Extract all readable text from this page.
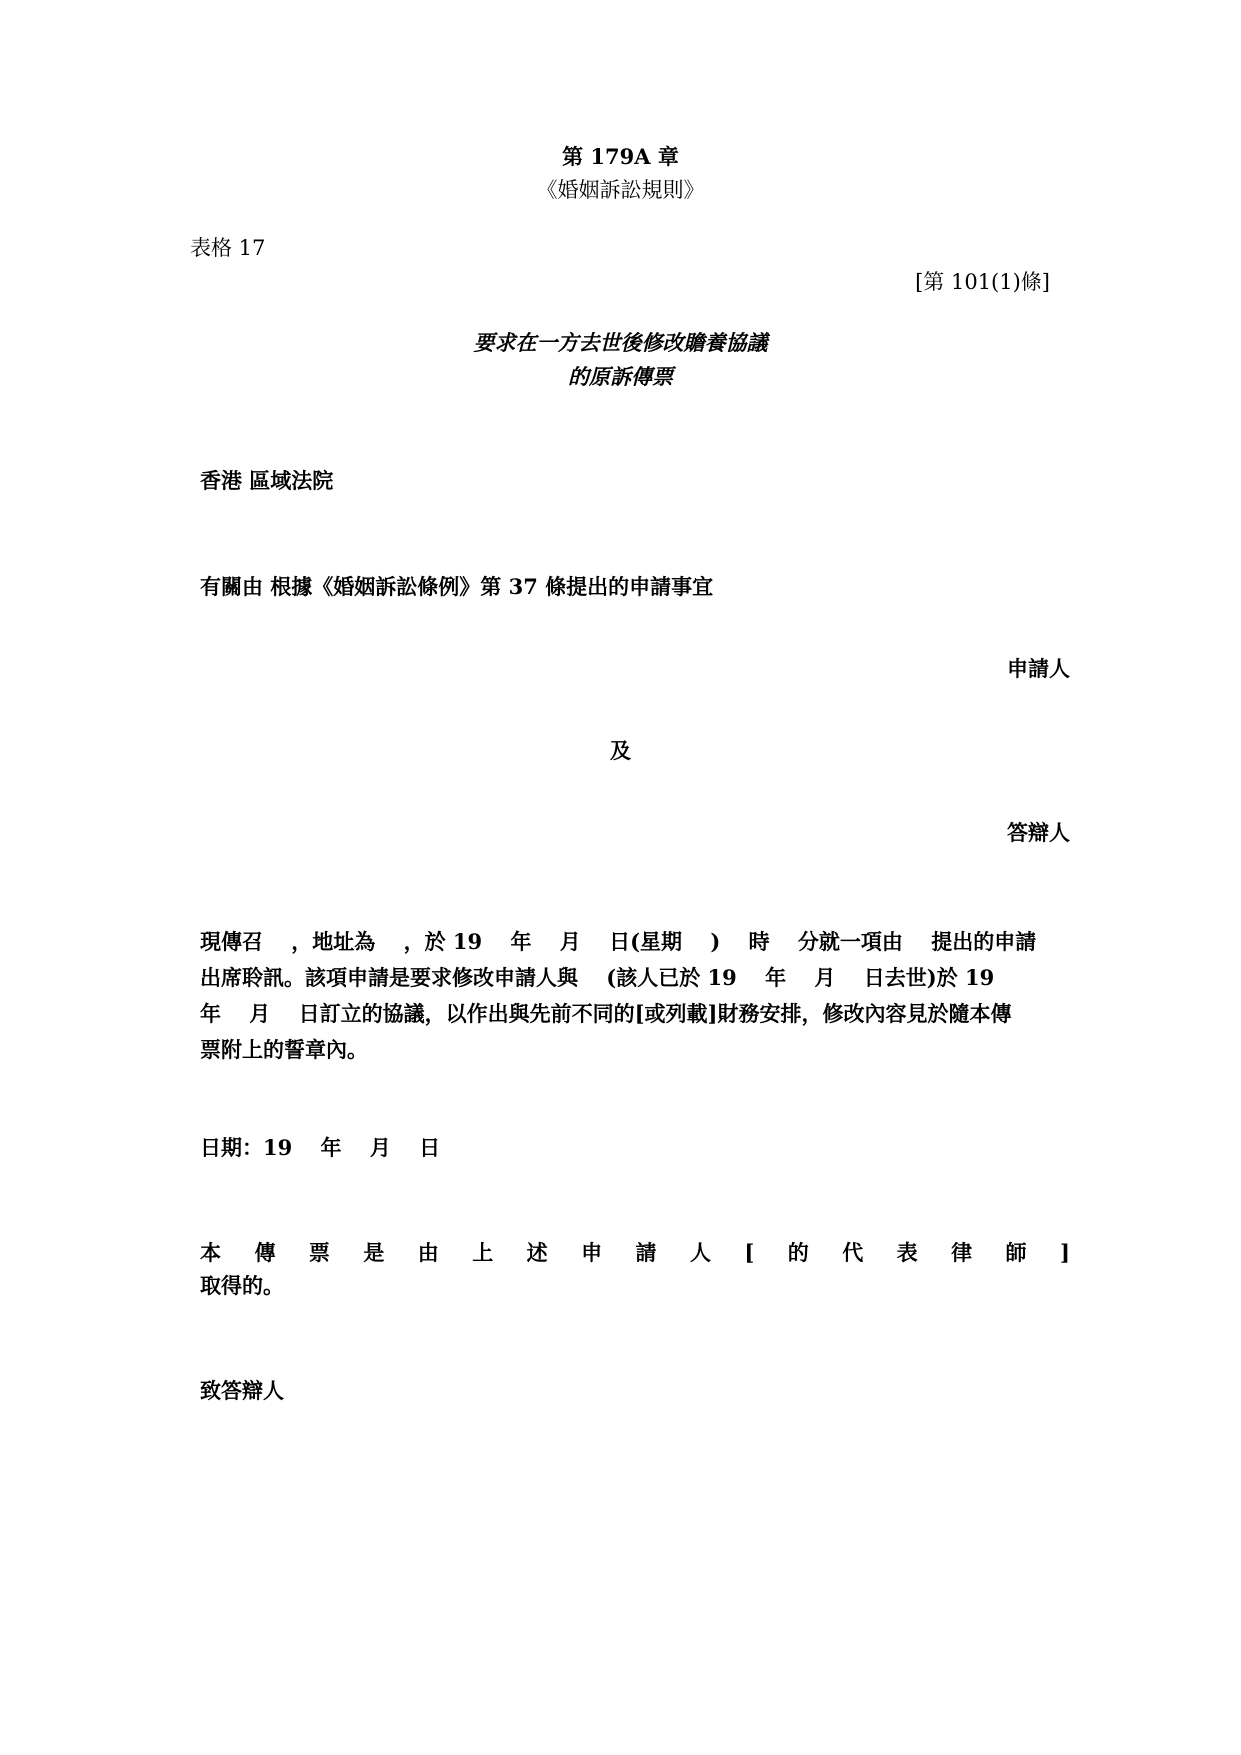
第 179A 章
《婚姻訴訟規則》
表格 17
[第 101(1)條]
要求在一方去世後修改贍養協議
的原訴傳票
香港 區域法院
有關由 根據《婚姻訴訟條例》第 37 條提出的申請事宜
申請人
及
答辯人

現傳召　 ，地址為　 ，於 19　 年　 月　 日(星期　 )　 時　 分就一項由　 提出的申請

出席聆訊。該項申請是要求修改申請人與　 (該人已於 19　 年　 月　 日去世)於 19

年　 月　 日訂立的協議，以作出與先前不同的[或列載]財務安排，修改內容見於隨本傳

票附上的誓章內。

日期：19　 年　 月　 日
本 傳 票 是 由 上 述 申 請 人 [ 的 代 表 律 師 ]
取得的。
致答辯人
